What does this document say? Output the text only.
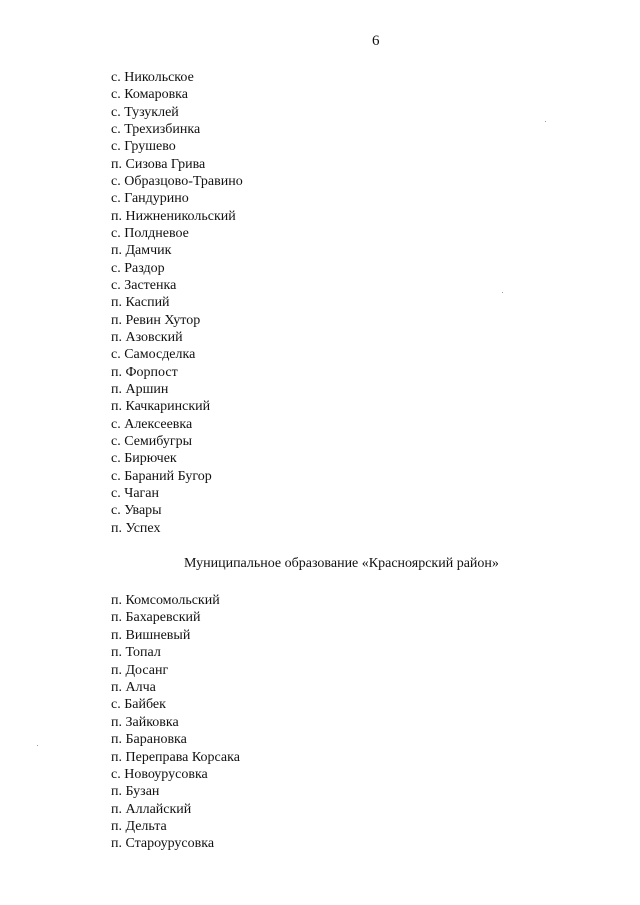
6
с. Никольское
с. Комаровка
с. Тузуклей
с. Трехизбинка
с. Грушево
п. Сизова Грива
с. Образцово-Травино
с. Гандурино
п. Нижненикольский
с. Полдневое
п. Дамчик
с. Раздор
с. Застенка
п. Каспий
п. Ревин Хутор
п. Азовский
с. Самосделка
п. Форпост
п. Аршин
п. Качкаринский
с. Алексеевка
с. Семибугры
с. Бирючек
с. Бараний Бугор
с. Чаган
с. Увары
п. Успех
Муниципальное образование «Красноярский район»
п. Комсомольский
п. Бахаревский
п. Вишневый
п. Топал
п. Досанг
п. Алча
с. Байбек
п. Зайковка
п. Барановка
п. Переправа Корсака
с. Новоурусовка
п. Бузан
п. Аллайский
п. Дельта
п. Староурусовка
